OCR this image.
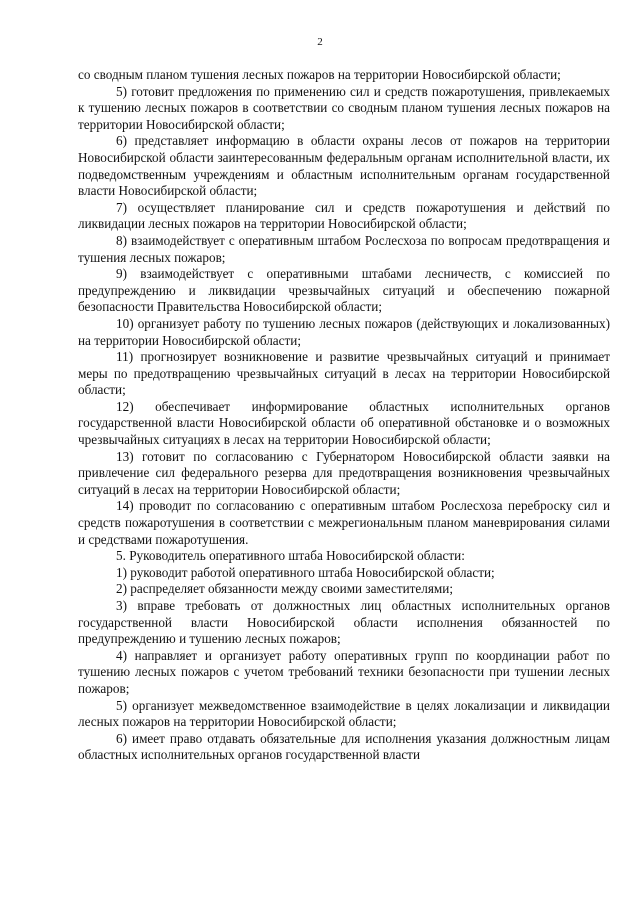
2

со сводным планом тушения лесных пожаров на территории Новосибирской области;

5) готовит предложения по применению сил и средств пожаротушения, привлекаемых к тушению лесных пожаров в соответствии со сводным планом тушения лесных пожаров на территории Новосибирской области;

6) представляет информацию в области охраны лесов от пожаров на территории Новосибирской области заинтересованным федеральным органам исполнительной власти, их подведомственным учреждениям и областным исполнительным органам государственной власти Новосибирской области;

7) осуществляет планирование сил и средств пожаротушения и действий по ликвидации лесных пожаров на территории Новосибирской области;

8) взаимодействует с оперативным штабом Рослесхоза по вопросам предотвращения и тушения лесных пожаров;

9) взаимодействует с оперативными штабами лесничеств, с комиссией по предупреждению и ликвидации чрезвычайных ситуаций и обеспечению пожарной безопасности Правительства Новосибирской области;

10) организует работу по тушению лесных пожаров (действующих и локализованных) на территории Новосибирской области;

11) прогнозирует возникновение и развитие чрезвычайных ситуаций и принимает меры по предотвращению чрезвычайных ситуаций в лесах на территории Новосибирской области;

12) обеспечивает информирование областных исполнительных органов государственной власти Новосибирской области об оперативной обстановке и о возможных чрезвычайных ситуациях в лесах на территории Новосибирской области;

13) готовит по согласованию с Губернатором Новосибирской области заявки на привлечение сил федерального резерва для предотвращения возникновения чрезвычайных ситуаций в лесах на территории Новосибирской области;

14) проводит по согласованию с оперативным штабом Рослесхоза переброску сил и средств пожаротушения в соответствии с межрегиональным планом маневрирования силами и средствами пожаротушения.

5. Руководитель оперативного штаба Новосибирской области:

1) руководит работой оперативного штаба Новосибирской области;

2) распределяет обязанности между своими заместителями;

3) вправе требовать от должностных лиц областных исполнительных органов государственной власти Новосибирской области исполнения обязанностей по предупреждению и тушению лесных пожаров;

4) направляет и организует работу оперативных групп по координации работ по тушению лесных пожаров с учетом требований техники безопасности при тушении лесных пожаров;

5) организует межведомственное взаимодействие в целях локализации и ликвидации лесных пожаров на территории Новосибирской области;

6) имеет право отдавать обязательные для исполнения указания должностным лицам областных исполнительных органов государственной власти
